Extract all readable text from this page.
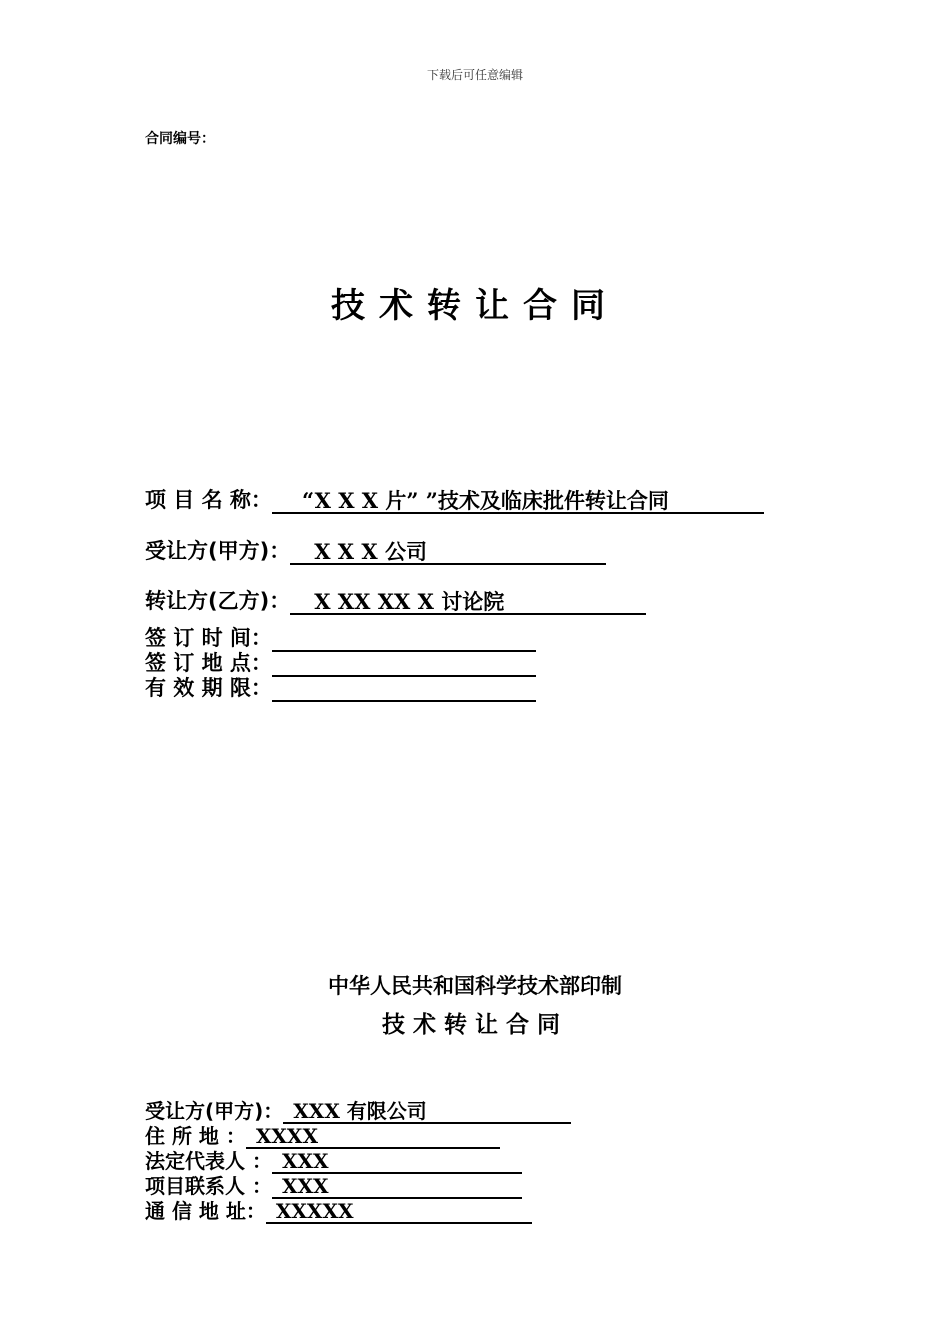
下载后可任意编辑
合同编号：
技术转让合同
项 目 名 称：	“X X X 片” ”技术及临床批件转让合同
受让方(甲方)：	X X X 公司
转让方(乙方)：	X XX XX X 讨论院
签 订 时 间：
签 订 地 点：
有 效 期 限：
中华人民共和国科学技术部印制
技术转让合同
受让方(甲方)： XXX 有限公司
住 所 地 ： XXXX
法定代表人 ： XXX
项目联系人 ： XXX
通 信 地 址： XXXXX
